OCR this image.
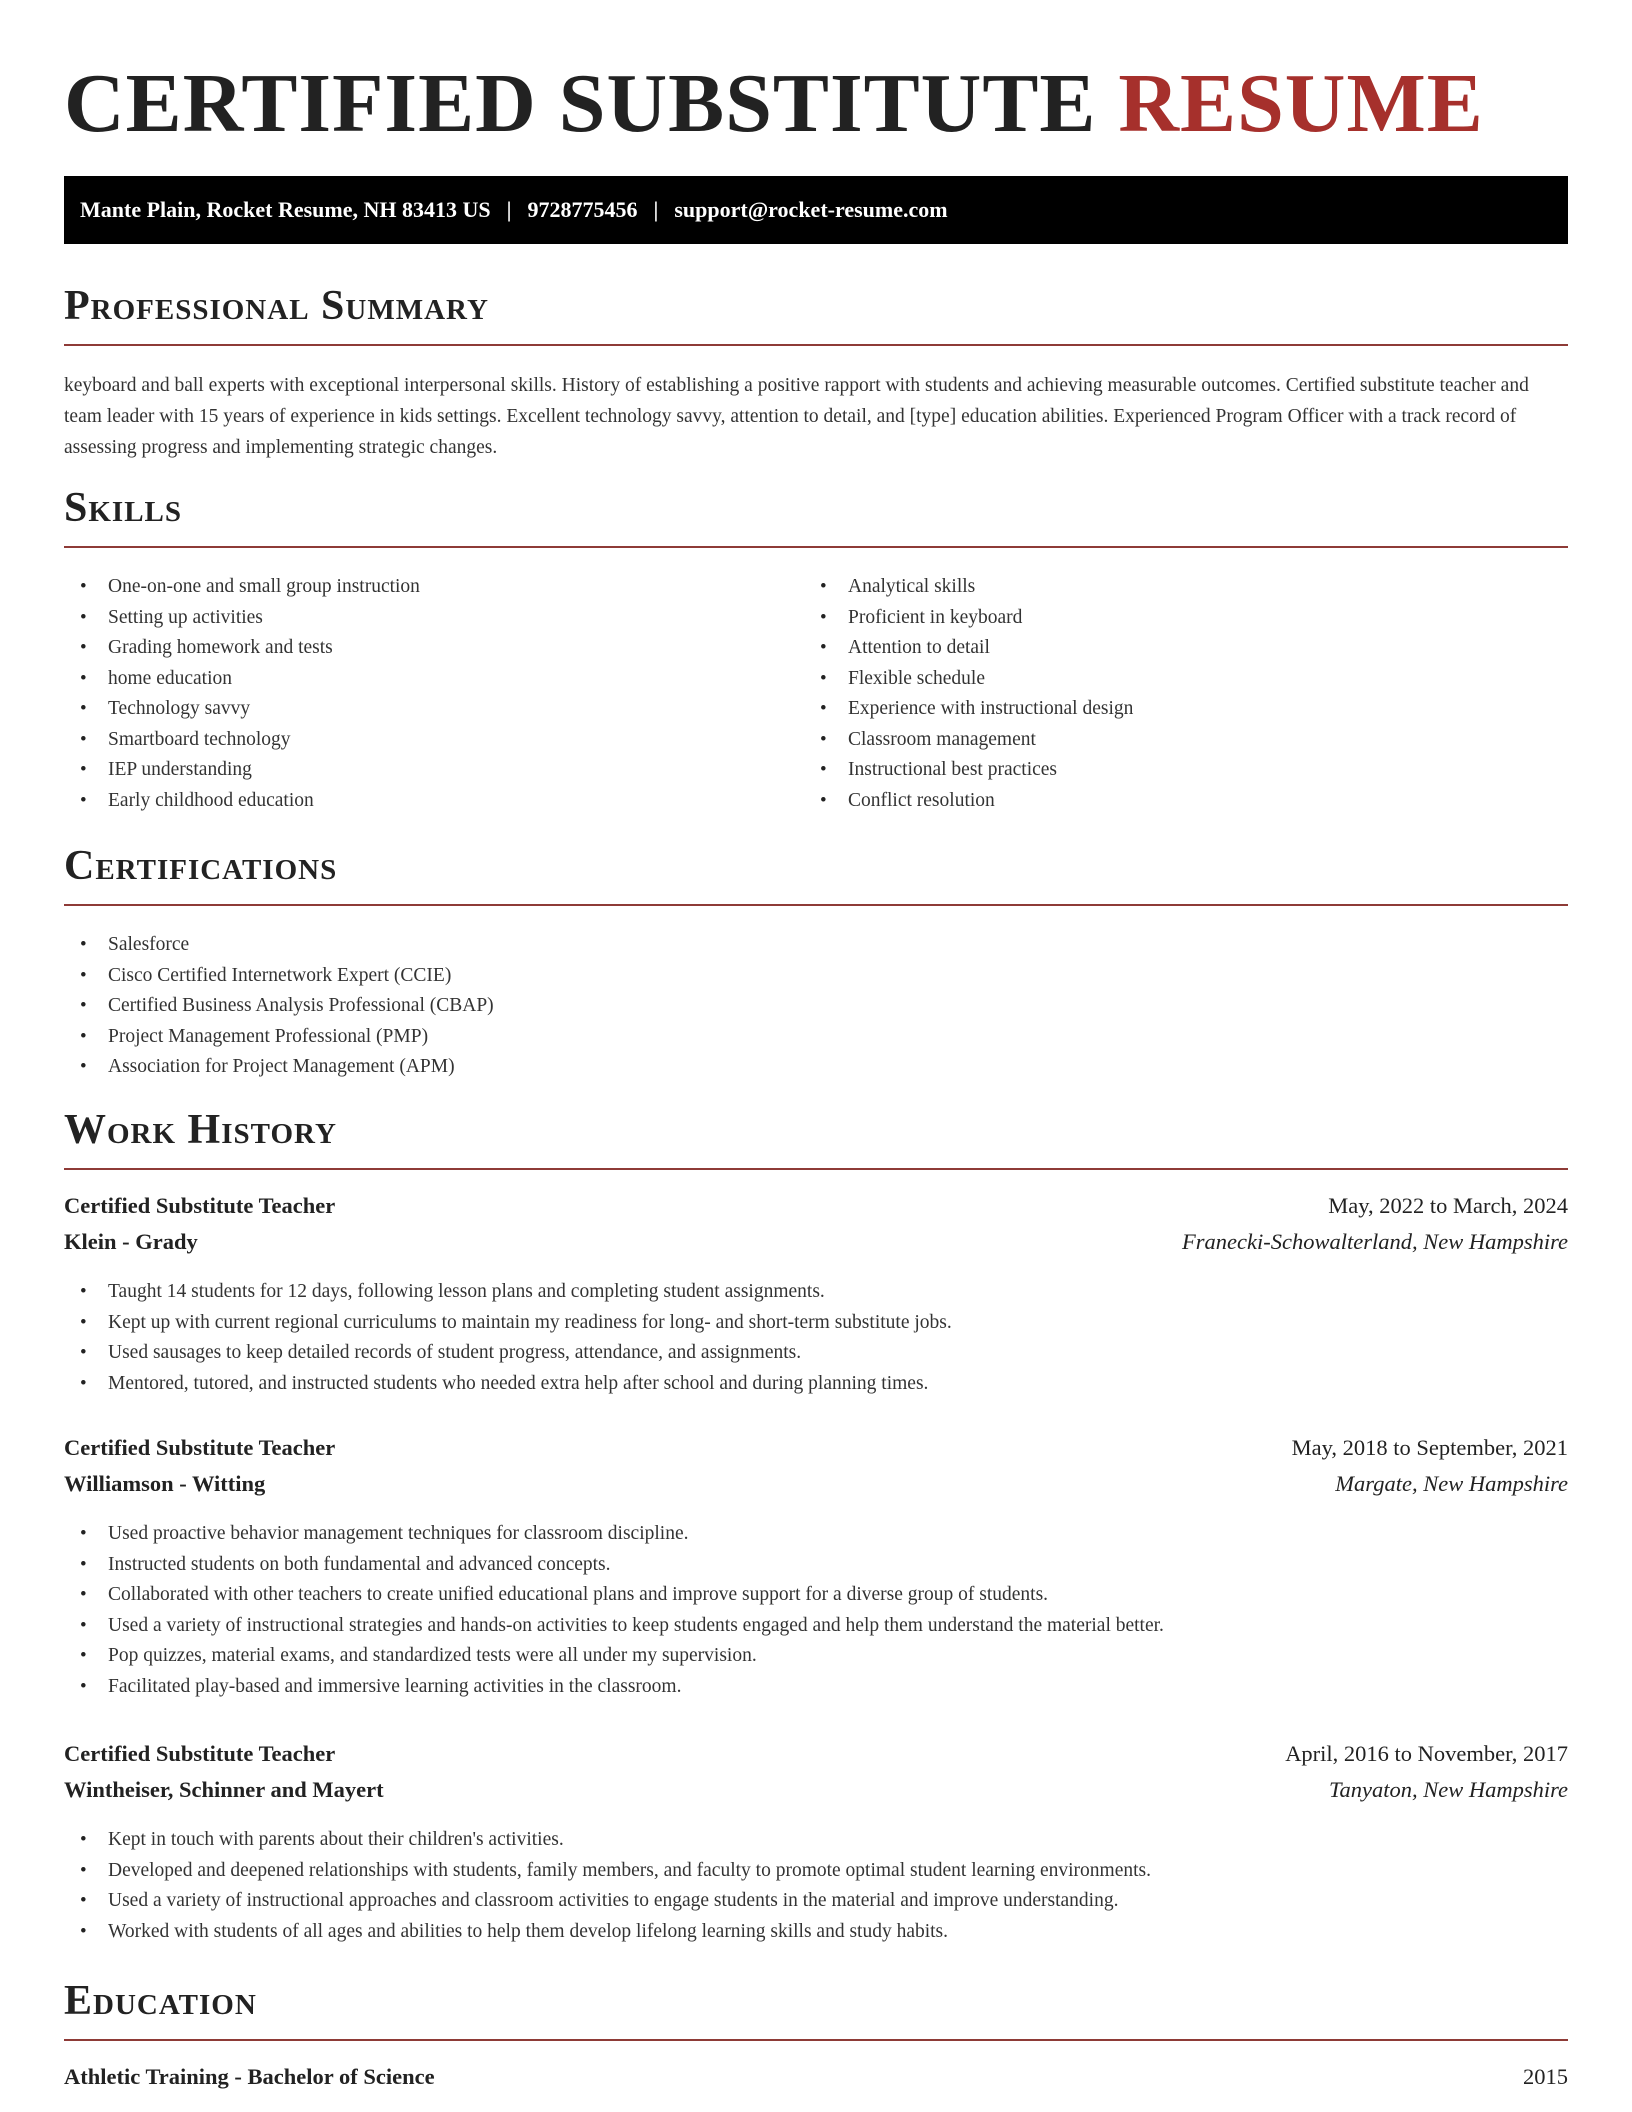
CERTIFIED SUBSTITUTE RESUME
Mante Plain, Rocket Resume, NH 83413 US | 9728775456 | support@rocket-resume.com
Professional Summary

keyboard and ball experts with exceptional interpersonal skills. History of establishing a positive rapport with students and achieving measurable outcomes. Certified substitute teacher and team leader with 15 years of experience in kids settings. Excellent technology savvy, attention to detail, and [type] education abilities. Experienced Program Officer with a track record of assessing progress and implementing strategic changes.

Skills
• One-on-one and small group instruction
• Setting up activities
• Grading homework and tests
• home education
• Technology savvy
• Smartboard technology
• IEP understanding
• Early childhood education
• Analytical skills
• Proficient in keyboard
• Attention to detail
• Flexible schedule
• Experience with instructional design
• Classroom management
• Instructional best practices
• Conflict resolution
Certifications
• Salesforce
• Cisco Certified Internetwork Expert (CCIE)
• Certified Business Analysis Professional (CBAP)
• Project Management Professional (PMP)
• Association for Project Management (APM)
Work History
Certified Substitute Teacher	May, 2022 to March, 2024
Klein - Grady	Franecki-Schowalterland, New Hampshire
• Taught 14 students for 12 days, following lesson plans and completing student assignments.
• Kept up with current regional curriculums to maintain my readiness for long- and short-term substitute jobs.
• Used sausages to keep detailed records of student progress, attendance, and assignments.
• Mentored, tutored, and instructed students who needed extra help after school and during planning times.
Certified Substitute Teacher	May, 2018 to September, 2021
Williamson - Witting	Margate, New Hampshire
• Used proactive behavior management techniques for classroom discipline.
• Instructed students on both fundamental and advanced concepts.
• Collaborated with other teachers to create unified educational plans and improve support for a diverse group of students.
• Used a variety of instructional strategies and hands-on activities to keep students engaged and help them understand the material better.
• Pop quizzes, material exams, and standardized tests were all under my supervision.
• Facilitated play-based and immersive learning activities in the classroom.
Certified Substitute Teacher	April, 2016 to November, 2017
Wintheiser, Schinner and Mayert	Tanyaton, New Hampshire
• Kept in touch with parents about their children's activities.
• Developed and deepened relationships with students, family members, and faculty to promote optimal student learning environments.
• Used a variety of instructional approaches and classroom activities to engage students in the material and improve understanding.
• Worked with students of all ages and abilities to help them develop lifelong learning skills and study habits.
Education
Athletic Training - Bachelor of Science	2015
